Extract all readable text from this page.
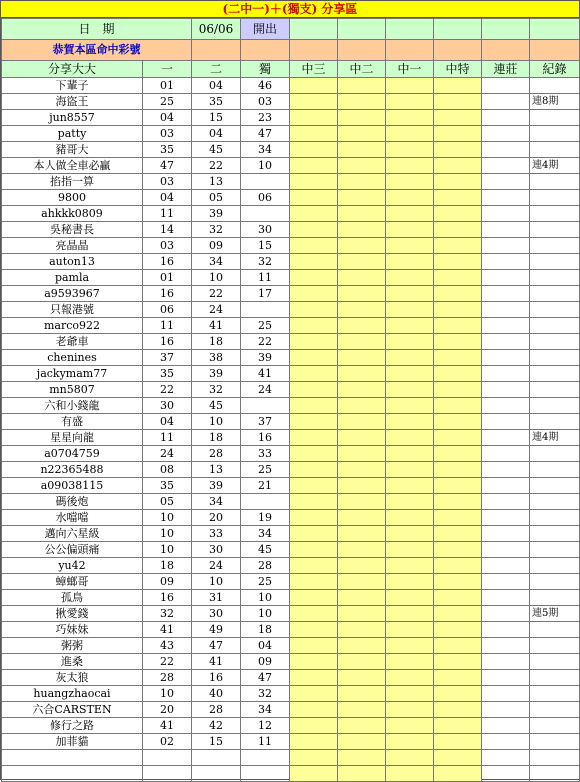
(二中一)＋(獨支) 分享區
日　期		06/06	開出						
恭賀本區命中彩號									
分享大大	一	二	獨	中三	中二	中一	中特	連莊	紀錄
下輩子	01	04	46						
海盜王	25	35	03						連8期
jun8557	04	15	23						
patty	03	04	47						
豬哥大	35	45	34						
本人做全車必贏	47	22	10						連4期
掐指一算	03	13							
9800	04	05	06						
ahkkk0809	11	39							
吳秘書長	14	32	30						
亮晶晶	03	09	15						
auton13	16	34	32						
pamla	01	10	11						
a9593967	16	22	17						
只報港號	06	24							
marco922	11	41	25						
老爺車	16	18	22						
chenines	37	38	39						
jackymam77	35	39	41						
mn5807	22	32	24						
六和小錢龍	30	45							
有盛	04	10	37						
星星向龍	11	18	16						連4期
a0704759	24	28	33						
n22365488	08	13	25						
a09038115	35	39	21						
碼後炮	05	34							
水噹噹	10	20	19						
邁向六星級	10	33	34						
公公偏頭痛	10	30	45						
yu42	18	24	28						
蟑螂哥	09	10	25						
孤鳥	16	31	10						
揪愛錢	32	30	10						連5期
巧妹妹	41	49	18						
粥粥	43	47	04						
進桑	22	41	09						
灰太狼	28	16	47						
huangzhaocai	10	40	32						
六合CARSTEN	20	28	34						
修行之路	41	42	12						
加菲貓	02	15	11						
